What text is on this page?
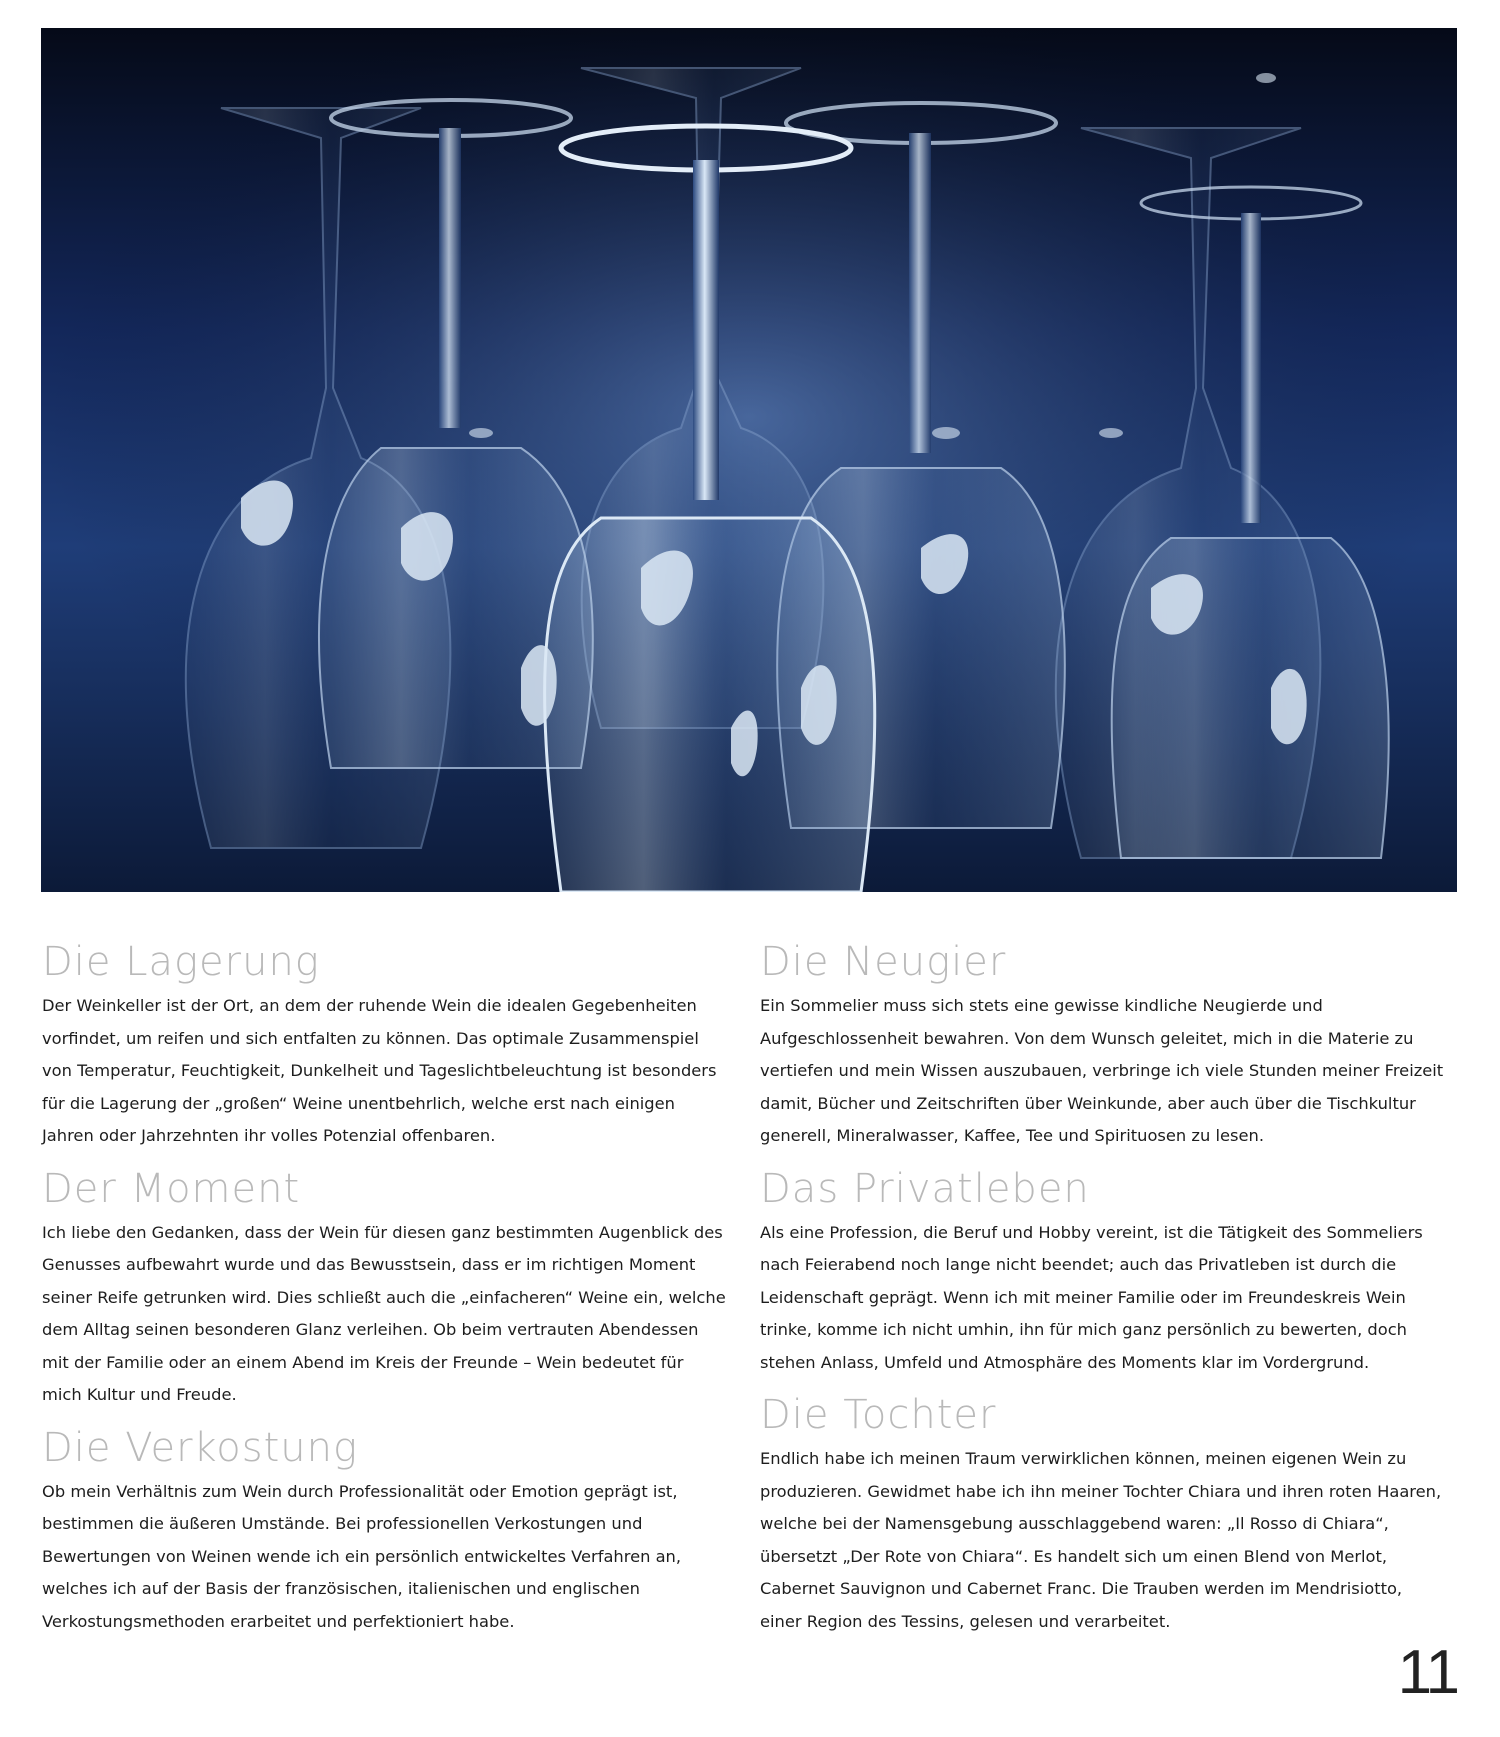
Die Lagerung

Der Weinkeller ist der Ort, an dem der ruhende Wein die idealen Gegebenheiten vorfindet, um reifen und sich entfalten zu können. Das optimale Zusammenspiel von Temperatur, Feuchtigkeit, Dunkelheit und Tageslichtbeleuchtung ist besonders für die Lagerung der „großen“ Weine unentbehrlich, welche erst nach einigen Jahren oder Jahrzehnten ihr volles Potenzial offenbaren.

Der Moment

Ich liebe den Gedanken, dass der Wein für diesen ganz bestimmten Augenblick des Genusses aufbewahrt wurde und das Bewusstsein, dass er im richtigen Moment seiner Reife getrunken wird. Dies schließt auch die „einfacheren“ Weine ein, welche dem Alltag seinen besonderen Glanz verleihen. Ob beim vertrauten Abendessen mit der Familie oder an einem Abend im Kreis der Freunde – Wein bedeutet für mich Kultur und Freude.

Die Verkostung

Ob mein Verhältnis zum Wein durch Professionalität oder Emotion geprägt ist, bestimmen die äußeren Umstände. Bei professionellen Verkostungen und Bewertungen von Weinen wende ich ein persönlich entwickeltes Verfahren an, welches ich auf der Basis der französischen, italienischen und englischen Verkostungsmethoden erarbeitet und perfektioniert habe.

Die Neugier

Ein Sommelier muss sich stets eine gewisse kindliche Neugierde und Aufgeschlossenheit bewahren. Von dem Wunsch geleitet, mich in die Materie zu vertiefen und mein Wissen auszubauen, verbringe ich viele Stunden meiner Freizeit damit, Bücher und Zeitschriften über Weinkunde, aber auch über die Tischkultur generell, Mineralwasser, Kaffee, Tee und Spirituosen zu lesen.

Das Privatleben

Als eine Profession, die Beruf und Hobby vereint, ist die Tätigkeit des Sommeliers nach Feierabend noch lange nicht beendet; auch das Privatleben ist durch die Leidenschaft geprägt. Wenn ich mit meiner Familie oder im Freundeskreis Wein trinke, komme ich nicht umhin, ihn für mich ganz persönlich zu bewerten, doch stehen Anlass, Umfeld und Atmosphäre des Moments klar im Vordergrund.

Die Tochter

Endlich habe ich meinen Traum verwirklichen können, meinen eigenen Wein zu produzieren. Gewidmet habe ich ihn meiner Tochter Chiara und ihren roten Haaren, welche bei der Namensgebung ausschlaggebend waren: „Il Rosso di Chiara“, übersetzt „Der Rote von Chiara“. Es handelt sich um einen Blend von Merlot, Cabernet Sauvignon und Cabernet Franc. Die Trauben werden im Mendrisiotto, einer Region des Tessins, gelesen und verarbeitet.

11
